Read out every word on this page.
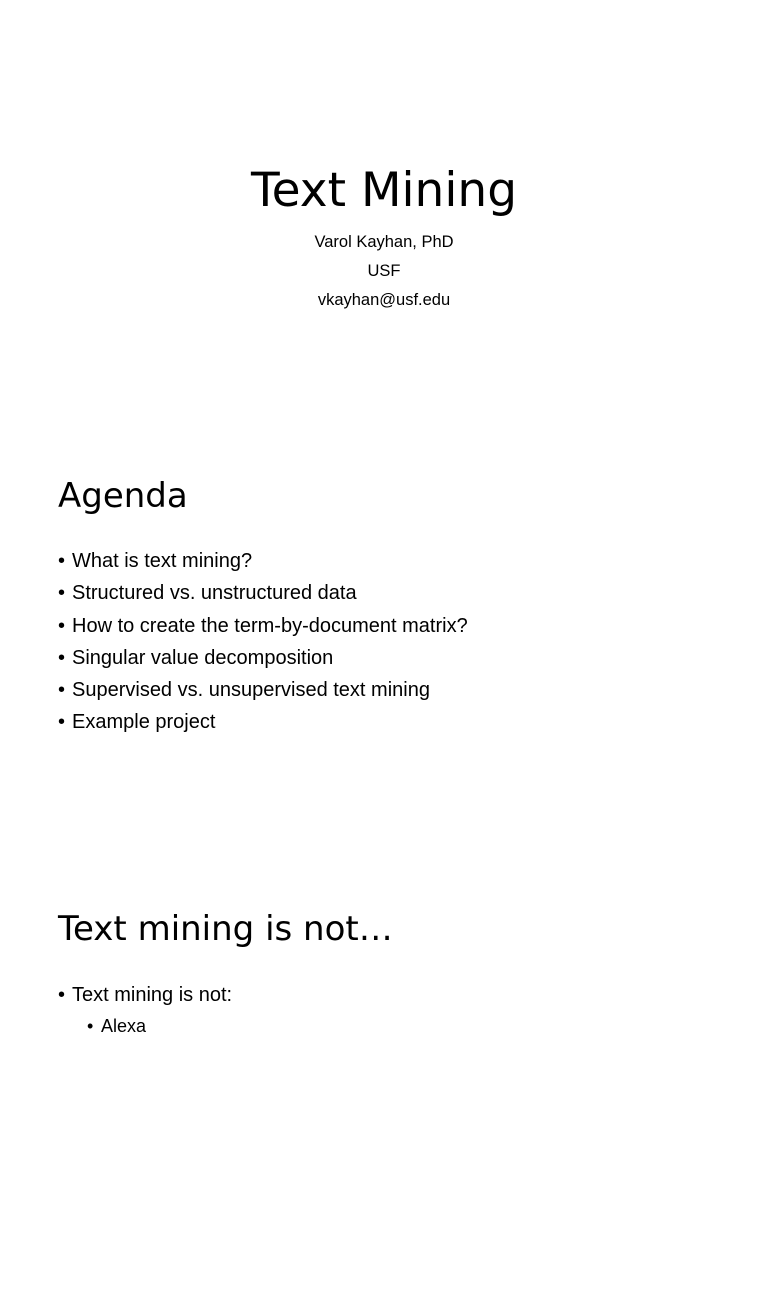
Text Mining
Varol Kayhan, PhD
USF
vkayhan@usf.edu
Agenda
• What is text mining?
• Structured vs. unstructured data
• How to create the term-by-document matrix?
• Singular value decomposition
• Supervised vs. unsupervised text mining
• Example project
Text mining is not…
• Text mining is not:
• Alexa
